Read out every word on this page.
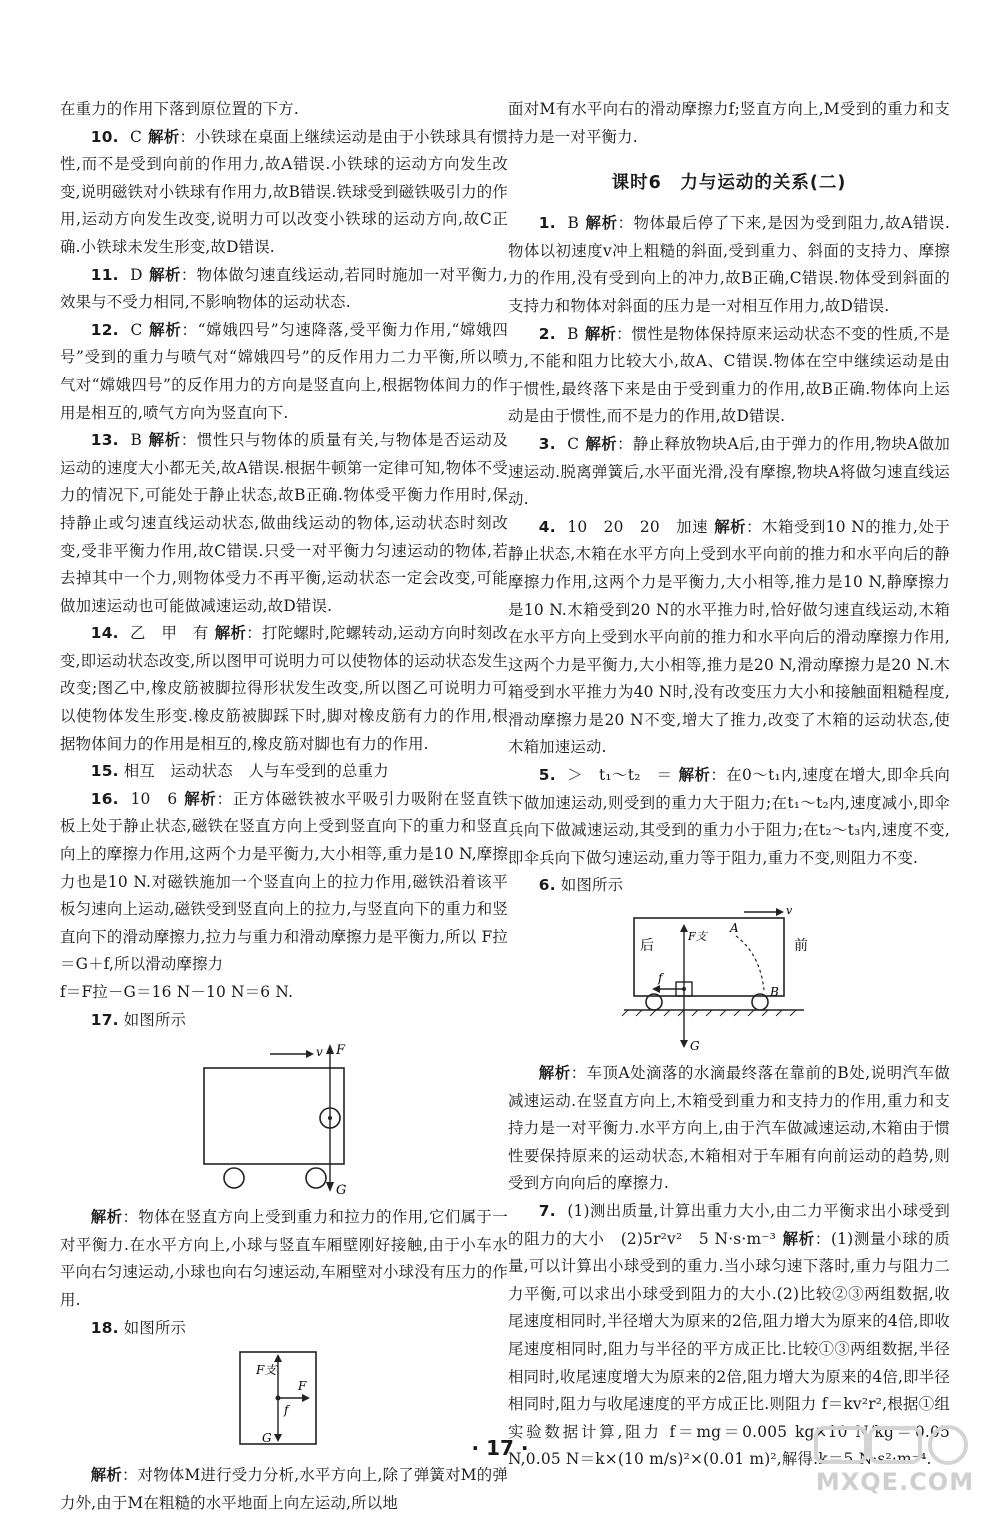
在重力的作用下落到原位置的下方.

10. C 解析：小铁球在桌面上继续运动是由于小铁球具有惯性,而不是受到向前的作用力,故A错误.小铁球的运动方向发生改变,说明磁铁对小铁球有作用力,故B错误.铁球受到磁铁吸引力的作用,运动方向发生改变,说明力可以改变小铁球的运动方向,故C正确.小铁球未发生形变,故D错误.

11. D 解析：物体做匀速直线运动,若同时施加一对平衡力,效果与不受力相同,不影响物体的运动状态.

12. C 解析：“嫦娥四号”匀速降落,受平衡力作用,“嫦娥四号”受到的重力与喷气对“嫦娥四号”的反作用力二力平衡,所以喷气对“嫦娥四号”的反作用力的方向是竖直向上,根据物体间力的作用是相互的,喷气方向为竖直向下.

13. B 解析：惯性只与物体的质量有关,与物体是否运动及运动的速度大小都无关,故A错误.根据牛顿第一定律可知,物体不受力的情况下,可能处于静止状态,故B正确.物体受平衡力作用时,保持静止或匀速直线运动状态,做曲线运动的物体,运动状态时刻改变,受非平衡力作用,故C错误.只受一对平衡力匀速运动的物体,若去掉其中一个力,则物体受力不再平衡,运动状态一定会改变,可能做加速运动也可能做减速运动,故D错误.

14. 乙　甲　有 解析：打陀螺时,陀螺转动,运动方向时刻改变,即运动状态改变,所以图甲可说明力可以使物体的运动状态发生改变;图乙中,橡皮筋被脚拉得形状发生改变,所以图乙可说明力可以使物体发生形变.橡皮筋被脚踩下时,脚对橡皮筋有力的作用,根据物体间力的作用是相互的,橡皮筋对脚也有力的作用.

15. 相互　运动状态　人与车受到的总重力

16. 10　6 解析：正方体磁铁被水平吸引力吸附在竖直铁板上处于静止状态,磁铁在竖直方向上受到竖直向下的重力和竖直向上的摩擦力作用,这两个力是平衡力,大小相等,重力是10 N,摩擦力也是10 N.对磁铁施加一个竖直向上的拉力作用,磁铁沿着该平板匀速向上运动,磁铁受到竖直向上的拉力,与竖直向下的重力和竖直向下的滑动摩擦力,拉力与重力和滑动摩擦力是平衡力,所以 F拉＝G＋f,所以滑动摩擦力

f＝F拉－G＝16 N－10 N＝6 N.

17. 如图所示

v F
G

解析：物体在竖直方向上受到重力和拉力的作用,它们属于一对平衡力.在水平方向上,小球与竖直车厢壁刚好接触,由于小车水平向右匀速运动,小球也向右匀速运动,车厢壁对小球没有压力的作用.

18. 如图所示

F支
G
F
f

解析：对物体M进行受力分析,水平方向上,除了弹簧对M的弹力外,由于M在粗糙的水平地面上向左运动,所以地

面对M有水平向右的滑动摩擦力f;竖直方向上,M受到的重力和支持力是一对平衡力.

课时6　力与运动的关系(二)

1. B 解析：物体最后停了下来,是因为受到阻力,故A错误.物体以初速度v冲上粗糙的斜面,受到重力、斜面的支持力、摩擦力的作用,没有受到向上的冲力,故B正确,C错误.物体受到斜面的支持力和物体对斜面的压力是一对相互作用力,故D错误.

2. B 解析：惯性是物体保持原来运动状态不变的性质,不是力,不能和阻力比较大小,故A、C错误.物体在空中继续运动是由于惯性,最终落下来是由于受到重力的作用,故B正确.物体向上运动是由于惯性,而不是力的作用,故D错误.

3. C 解析：静止释放物块A后,由于弹力的作用,物块A做加速运动.脱离弹簧后,水平面光滑,没有摩擦,物块A将做匀速直线运动.

4. 10　20　20　加速 解析：木箱受到10 N的推力,处于静止状态,木箱在水平方向上受到水平向前的推力和水平向后的静摩擦力作用,这两个力是平衡力,大小相等,推力是10 N,静摩擦力是10 N.木箱受到20 N的水平推力时,恰好做匀速直线运动,木箱在水平方向上受到水平向前的推力和水平向后的滑动摩擦力作用,这两个力是平衡力,大小相等,推力是20 N,滑动摩擦力是20 N.木箱受到水平推力为40 N时,没有改变压力大小和接触面粗糙程度,滑动摩擦力是20 N不变,增大了推力,改变了木箱的运动状态,使木箱加速运动.

5. ＞　t₁～t₂　＝ 解析：在0～t₁内,速度在增大,即伞兵向下做加速运动,则受到的重力大于阻力;在t₁～t₂内,速度减小,即伞兵向下做减速运动,其受到的重力小于阻力;在t₂～t₃内,速度不变,即伞兵向下做匀速运动,重力等于阻力,重力不变,则阻力不变.

6. 如图所示

v
后	前
F支
G
f
A
B

解析：车顶A处滴落的水滴最终落在靠前的B处,说明汽车做减速运动.在竖直方向上,木箱受到重力和支持力的作用,重力和支持力是一对平衡力.水平方向上,由于汽车做减速运动,木箱由于惯性要保持原来的运动状态,木箱相对于车厢有向前运动的趋势,则受到方向向后的摩擦力.

7. (1)测出质量,计算出重力大小,由二力平衡求出小球受到的阻力的大小　(2)5r²v²　5 N·s·m⁻³ 解析：(1)测量小球的质量,可以计算出小球受到的重力.当小球匀速下落时,重力与阻力二力平衡,可以求出小球受到阻力的大小.(2)比较②③两组数据,收尾速度相同时,半径增大为原来的2倍,阻力增大为原来的4倍,即收尾速度相同时,阻力与半径的平方成正比.比较①③两组数据,半径相同时,收尾速度增大为原来的2倍,阻力增大为原来的4倍,即半径相同时,阻力与收尾速度的平方成正比.则阻力 f＝kv²r²,根据①组实验数据计算,阻力 f＝mg＝0.005 kg×10 N/kg＝0.05 N,0.05 N＝k×(10 m/s)²×(0.01 m)²,解得:k＝5 N·s²·m⁻⁴.

· 17 ·
MXQE.COM
